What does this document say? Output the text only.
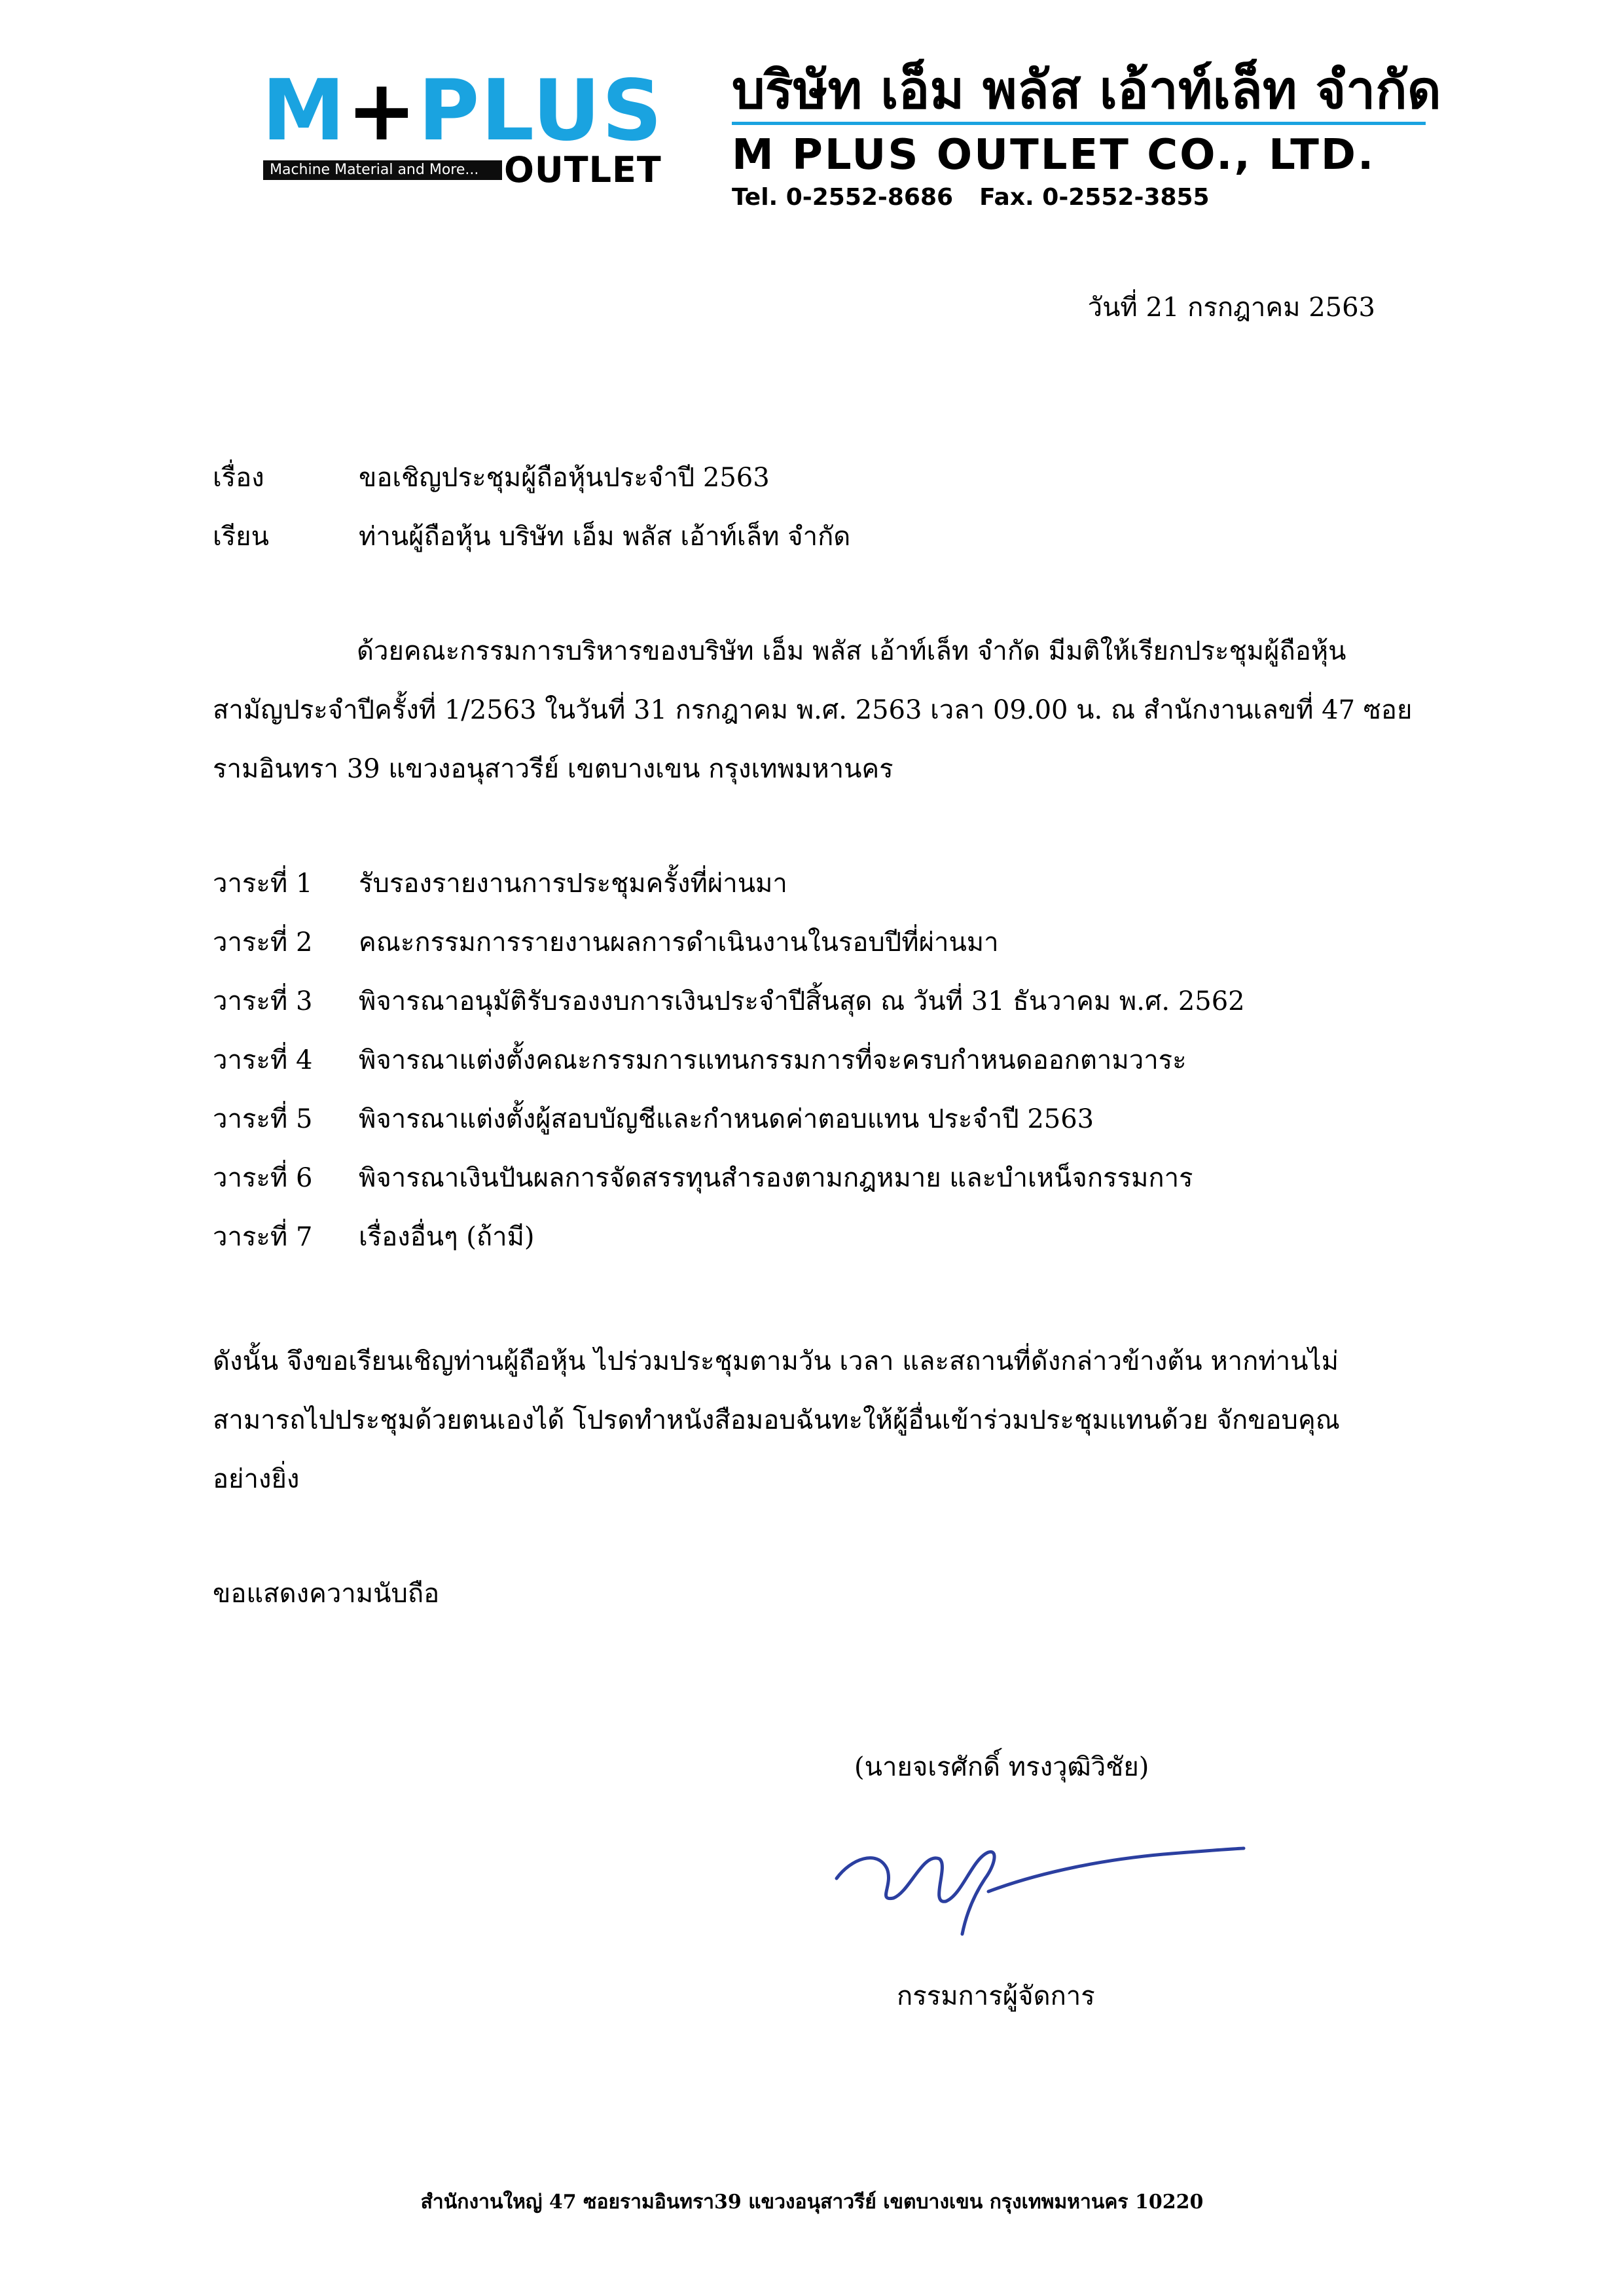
M+PLUS
Machine Material and More... OUTLET
บริษัท เอ็ม พลัส เอ้าท์เล็ท จำกัด
M PLUS OUTLET CO., LTD.
Tel. 0-2552-8686 Fax. 0-2552-3855
วันที่ 21 กรกฎาคม 2563
เรื่อง	ขอเชิญประชุมผู้ถือหุ้นประจำปี 2563
เรียน	ท่านผู้ถือหุ้น บริษัท เอ็ม พลัส เอ้าท์เล็ท จำกัด

ด้วยคณะกรรมการบริหารของบริษัท เอ็ม พลัส เอ้าท์เล็ท จำกัด มีมติให้เรียกประชุมผู้ถือหุ้น

สามัญประจำปีครั้งที่ 1/2563 ในวันที่ 31 กรกฎาคม พ.ศ. 2563 เวลา 09.00 น. ณ สำนักงานเลขที่ 47 ซอย

รามอินทรา 39 แขวงอนุสาวรีย์ เขตบางเขน กรุงเทพมหานคร

วาระที่ 1 รับรองรายงานการประชุมครั้งที่ผ่านมา
วาระที่ 2 คณะกรรมการรายงานผลการดำเนินงานในรอบปีที่ผ่านมา
วาระที่ 3 พิจารณาอนุมัติรับรองงบการเงินประจำปีสิ้นสุด ณ วันที่ 31 ธันวาคม พ.ศ. 2562
วาระที่ 4 พิจารณาแต่งตั้งคณะกรรมการแทนกรรมการที่จะครบกำหนดออกตามวาระ
วาระที่ 5 พิจารณาแต่งตั้งผู้สอบบัญชีและกำหนดค่าตอบแทน ประจำปี 2563
วาระที่ 6 พิจารณาเงินปันผลการจัดสรรทุนสำรองตามกฎหมาย และบำเหน็จกรรมการ
วาระที่ 7 เรื่องอื่นๆ (ถ้ามี)

ดังนั้น จึงขอเรียนเชิญท่านผู้ถือหุ้น ไปร่วมประชุมตามวัน เวลา และสถานที่ดังกล่าวข้างต้น หากท่านไม่

สามารถไปประชุมด้วยตนเองได้ โปรดทำหนังสือมอบฉันทะให้ผู้อื่นเข้าร่วมประชุมแทนด้วย จักขอบคุณ

อย่างยิ่ง

ขอแสดงความนับถือ
(นายจเรศักดิ์ ทรงวุฒิวิชัย)
กรรมการผู้จัดการ
สำนักงานใหญ่ 47 ซอยรามอินทรา39 แขวงอนุสาวรีย์ เขตบางเขน กรุงเทพมหานคร 10220
